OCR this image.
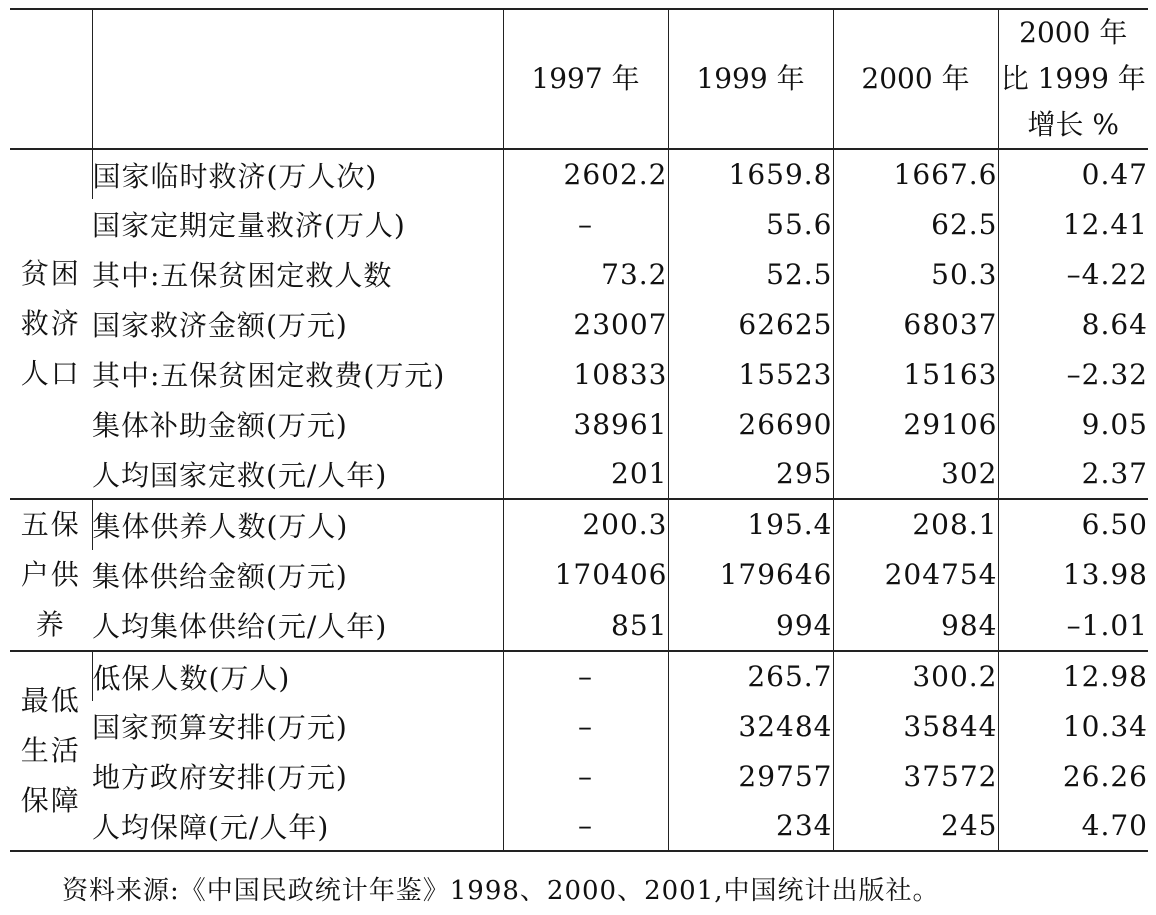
		1997 年	1999 年	2000 年	2000 年
比 1999 年
增长 %

贫困
救济
人口	国家临时救济(万人次)	2602.2	1659.8	1667.6	0.47
	国家定期定量救济(万人)	–	55.6	62.5	12.41
	其中:五保贫困定救人数	73.2	52.5	50.3	–4.22
	国家救济金额(万元)	23007	62625	68037	8.64
	其中:五保贫困定救费(万元)	10833	15523	15163	–2.32
	集体补助金额(万元)	38961	26690	29106	9.05
	人均国家定救(元/人年)	201	295	302	2.37

五保
户供
养	集体供养人数(万人)	200.3	195.4	208.1	6.50
	集体供给金额(万元)	170406	179646	204754	13.98
	人均集体供给(元/人年)	851	994	984	–1.01

最低
生活
保障	低保人数(万人)	–	265.7	300.2	12.98
	国家预算安排(万元)	–	32484	35844	10.34
	地方政府安排(万元)	–	29757	37572	26.26
	人均保障(元/人年)	–	234	245	4.70
资料来源:《中国民政统计年鉴》1998、2000、2001,中国统计出版社。
